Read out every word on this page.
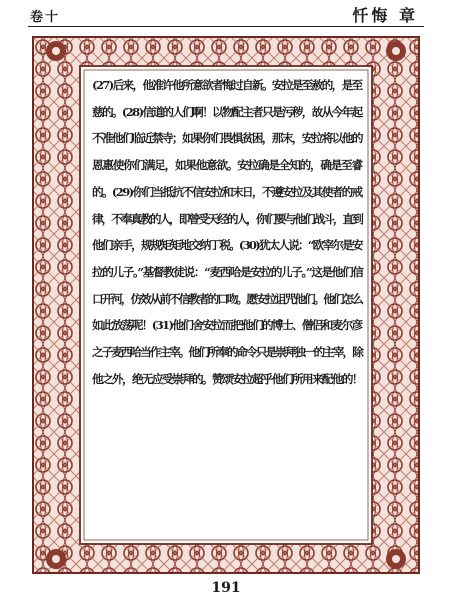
卷十	忏悔 章

(27)后来，他准许他所意欲者悔过自新。安拉是至赦的，是至

慈的。(28)信道的人们啊！以物配主者只是污秽，故从今年起

不准他们临近禁寺；如果你们畏惧贫困，那末，安拉将以他的

恩惠使你们满足，如果他意欲。安拉确是全知的，确是至睿

的。(29)你们当抵抗不信安拉和末日，不遵安拉及其使者的戒

律，不奉真教的人，即曾受天经的人，你们要与他们战斗，直到

他们亲手，规规矩矩地交纳丁税。(30)犹太人说：“欧宰尔是安

拉的儿子。”基督教徒说：“麦西哈是安拉的儿子。”这是他们信

口开河，仿效从前不信教者的口吻。愿安拉诅咒他们。他们怎么

如此放荡呢！(31)他们舍安拉而把他们的博士、僧侣和麦尔彦

之子麦西哈当作主宰。他们所奉的命令只是崇拜独一的主宰，除

他之外，绝无应受崇拜的。赞颂安拉超乎他们所用来配他的！

191
